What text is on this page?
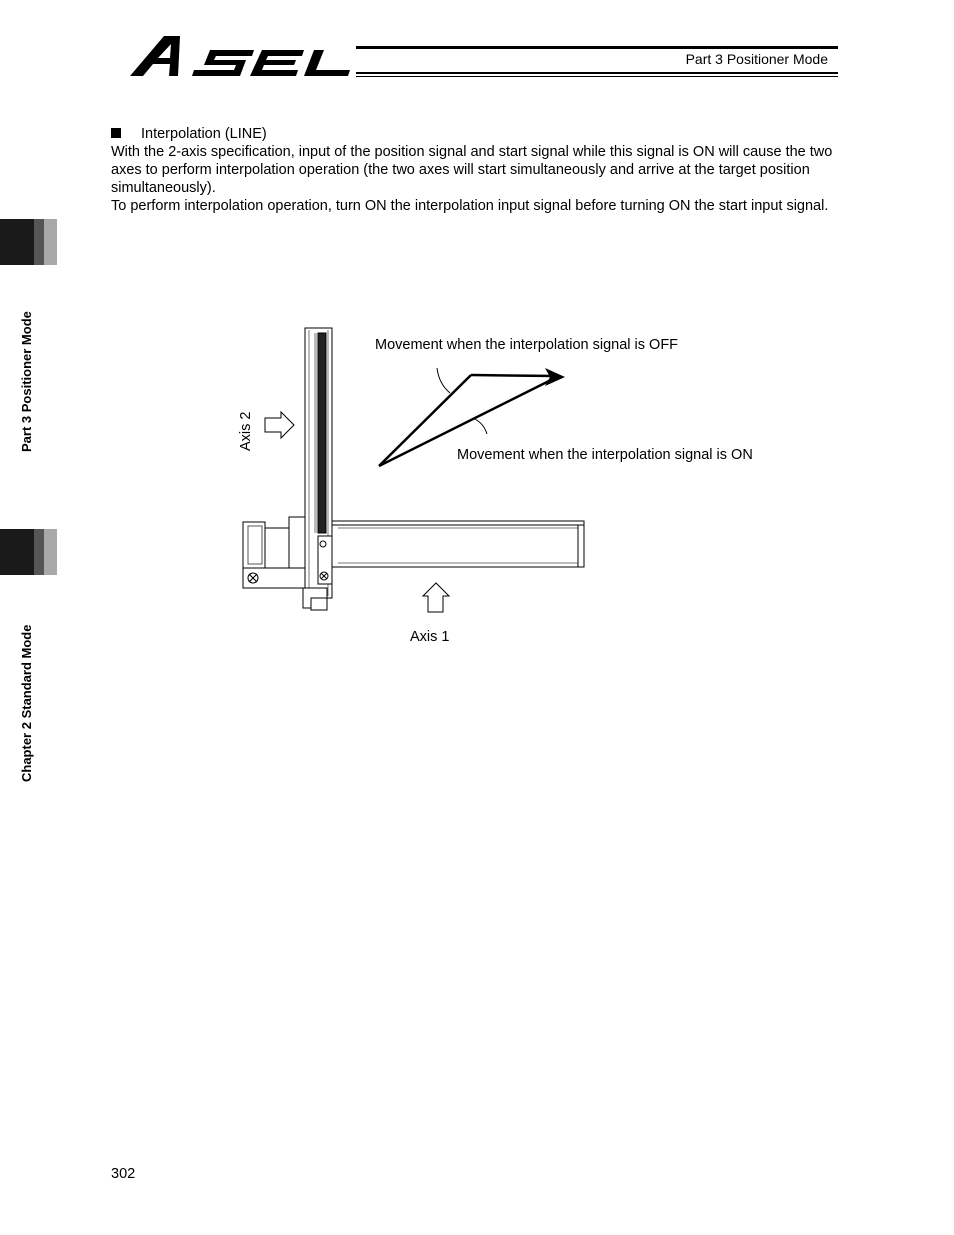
Part 3 Positioner Mode
Part 3 Positioner Mode
Chapter 2 Standard Mode
Interpolation (LINE)

With the 2-axis specification, input of the position signal and start signal while this signal is ON will cause the two axes to perform interpolation operation (the two axes will start simultaneously and arrive at the target position simultaneously).

To perform interpolation operation, turn ON the interpolation input signal before turning ON the start input signal.

Movement when the interpolation signal is OFF
Movement when the interpolation signal is ON
Axis 1
Axis 2
302
